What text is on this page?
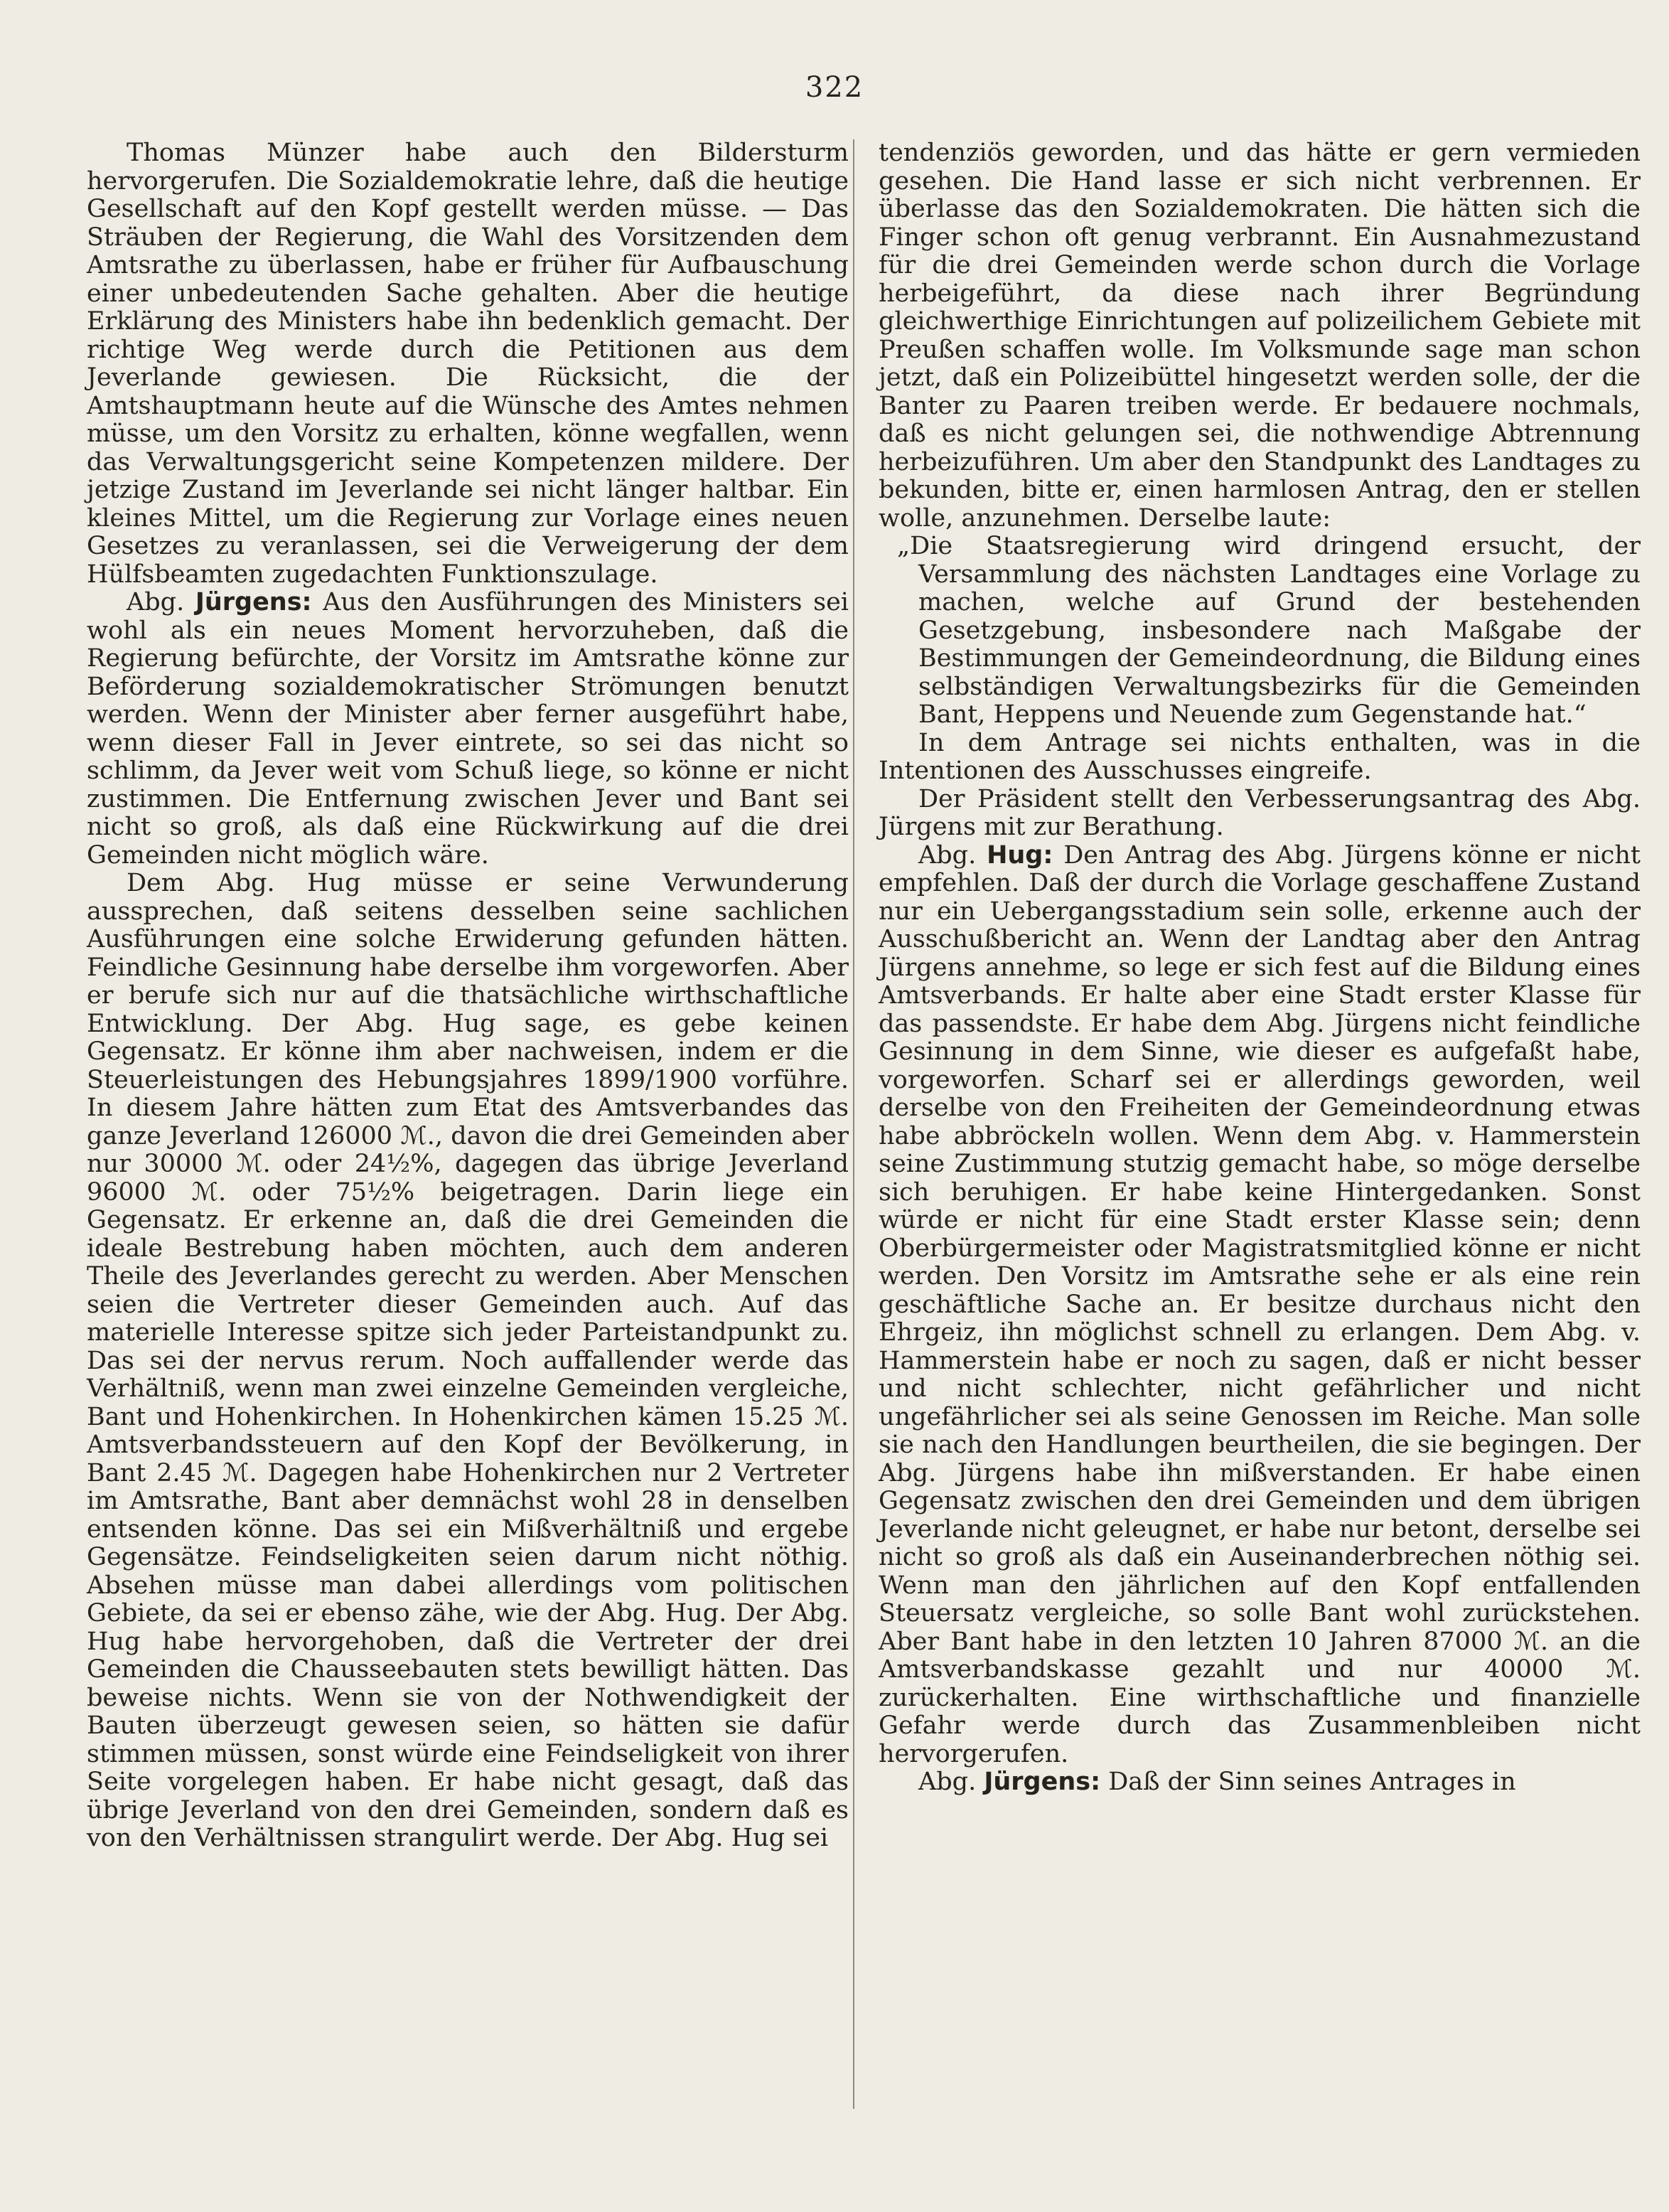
322

Thomas Münzer habe auch den Bildersturm hervorgerufen. Die Sozialdemokratie lehre, daß die heutige Gesellschaft auf den Kopf gestellt werden müsse. — Das Sträuben der Regierung, die Wahl des Vorsitzenden dem Amtsrathe zu überlassen, habe er früher für Aufbauschung einer unbedeutenden Sache gehalten. Aber die heutige Erklärung des Ministers habe ihn bedenklich gemacht. Der richtige Weg werde durch die Petitionen aus dem Jeverlande gewiesen. Die Rücksicht, die der Amtshauptmann heute auf die Wünsche des Amtes nehmen müsse, um den Vorsitz zu erhalten, könne wegfallen, wenn das Verwaltungsgericht seine Kompetenzen mildere. Der jetzige Zustand im Jeverlande sei nicht länger haltbar. Ein kleines Mittel, um die Regierung zur Vorlage eines neuen Gesetzes zu veranlassen, sei die Verweigerung der dem Hülfsbeamten zugedachten Funktionszulage.

Abg. Jürgens: Aus den Ausführungen des Ministers sei wohl als ein neues Moment hervorzuheben, daß die Regierung befürchte, der Vorsitz im Amtsrathe könne zur Beförderung sozialdemokratischer Strömungen benutzt werden. Wenn der Minister aber ferner ausgeführt habe, wenn dieser Fall in Jever eintrete, so sei das nicht so schlimm, da Jever weit vom Schuß liege, so könne er nicht zustimmen. Die Entfernung zwischen Jever und Bant sei nicht so groß, als daß eine Rückwirkung auf die drei Gemeinden nicht möglich wäre.

Dem Abg. Hug müsse er seine Verwunderung aussprechen, daß seitens desselben seine sachlichen Ausführungen eine solche Erwiderung gefunden hätten. Feindliche Gesinnung habe derselbe ihm vorgeworfen. Aber er berufe sich nur auf die thatsächliche wirthschaftliche Entwicklung. Der Abg. Hug sage, es gebe keinen Gegensatz. Er könne ihm aber nachweisen, indem er die Steuerleistungen des Hebungsjahres 1899/1900 vorführe. In diesem Jahre hätten zum Etat des Amtsverbandes das ganze Jeverland 126000 ℳ., davon die drei Gemeinden aber nur 30000 ℳ. oder 24½%, dagegen das übrige Jeverland 96000 ℳ. oder 75½% beigetragen. Darin liege ein Gegensatz. Er erkenne an, daß die drei Gemeinden die ideale Bestrebung haben möchten, auch dem anderen Theile des Jeverlandes gerecht zu werden. Aber Menschen seien die Vertreter dieser Gemeinden auch. Auf das materielle Interesse spitze sich jeder Parteistandpunkt zu. Das sei der nervus rerum. Noch auffallender werde das Verhältniß, wenn man zwei einzelne Gemeinden vergleiche, Bant und Hohenkirchen. In Hohenkirchen kämen 15.25 ℳ. Amtsverbandssteuern auf den Kopf der Bevölkerung, in Bant 2.45 ℳ. Dagegen habe Hohenkirchen nur 2 Vertreter im Amtsrathe, Bant aber demnächst wohl 28 in denselben entsenden könne. Das sei ein Mißverhältniß und ergebe Gegensätze. Feindseligkeiten seien darum nicht nöthig. Absehen müsse man dabei allerdings vom politischen Gebiete, da sei er ebenso zähe, wie der Abg. Hug. Der Abg. Hug habe hervorgehoben, daß die Vertreter der drei Gemeinden die Chausseebauten stets bewilligt hätten. Das beweise nichts. Wenn sie von der Nothwendigkeit der Bauten überzeugt gewesen seien, so hätten sie dafür stimmen müssen, sonst würde eine Feindseligkeit von ihrer Seite vorgelegen haben. Er habe nicht gesagt, daß das übrige Jeverland von den drei Gemeinden, sondern daß es von den Verhältnissen strangulirt werde. Der Abg. Hug sei

tendenziös geworden, und das hätte er gern vermieden gesehen. Die Hand lasse er sich nicht verbrennen. Er überlasse das den Sozialdemokraten. Die hätten sich die Finger schon oft genug verbrannt. Ein Ausnahmezustand für die drei Gemeinden werde schon durch die Vorlage herbeigeführt, da diese nach ihrer Begründung gleichwerthige Einrichtungen auf polizeilichem Gebiete mit Preußen schaffen wolle. Im Volksmunde sage man schon jetzt, daß ein Polizeibüttel hingesetzt werden solle, der die Banter zu Paaren treiben werde. Er bedauere nochmals, daß es nicht gelungen sei, die nothwendige Abtrennung herbeizuführen. Um aber den Standpunkt des Landtages zu bekunden, bitte er, einen harmlosen Antrag, den er stellen wolle, anzunehmen. Derselbe laute:

„Die Staatsregierung wird dringend ersucht, der Versammlung des nächsten Landtages eine Vorlage zu machen, welche auf Grund der bestehenden Gesetzgebung, insbesondere nach Maßgabe der Bestimmungen der Gemeindeordnung, die Bildung eines selbständigen Verwaltungsbezirks für die Gemeinden Bant, Heppens und Neuende zum Gegenstande hat.“

In dem Antrage sei nichts enthalten, was in die Intentionen des Ausschusses eingreife.

Der Präsident stellt den Verbesserungsantrag des Abg. Jürgens mit zur Berathung.

Abg. Hug: Den Antrag des Abg. Jürgens könne er nicht empfehlen. Daß der durch die Vorlage geschaffene Zustand nur ein Uebergangsstadium sein solle, erkenne auch der Ausschußbericht an. Wenn der Landtag aber den Antrag Jürgens annehme, so lege er sich fest auf die Bildung eines Amtsverbands. Er halte aber eine Stadt erster Klasse für das passendste. Er habe dem Abg. Jürgens nicht feindliche Gesinnung in dem Sinne, wie dieser es aufgefaßt habe, vorgeworfen. Scharf sei er allerdings geworden, weil derselbe von den Freiheiten der Gemeindeordnung etwas habe abbröckeln wollen. Wenn dem Abg. v. Hammerstein seine Zustimmung stutzig gemacht habe, so möge derselbe sich beruhigen. Er habe keine Hintergedanken. Sonst würde er nicht für eine Stadt erster Klasse sein; denn Oberbürgermeister oder Magistratsmitglied könne er nicht werden. Den Vorsitz im Amtsrathe sehe er als eine rein geschäftliche Sache an. Er besitze durchaus nicht den Ehrgeiz, ihn möglichst schnell zu erlangen. Dem Abg. v. Hammerstein habe er noch zu sagen, daß er nicht besser und nicht schlechter, nicht gefährlicher und nicht ungefährlicher sei als seine Genossen im Reiche. Man solle sie nach den Handlungen beurtheilen, die sie begingen. Der Abg. Jürgens habe ihn mißverstanden. Er habe einen Gegensatz zwischen den drei Gemeinden und dem übrigen Jeverlande nicht geleugnet, er habe nur betont, derselbe sei nicht so groß als daß ein Auseinanderbrechen nöthig sei. Wenn man den jährlichen auf den Kopf entfallenden Steuersatz vergleiche, so solle Bant wohl zurückstehen. Aber Bant habe in den letzten 10 Jahren 87000 ℳ. an die Amtsverbandskasse gezahlt und nur 40000 ℳ. zurückerhalten. Eine wirthschaftliche und finanzielle Gefahr werde durch das Zusammenbleiben nicht hervorgerufen.

Abg. Jürgens: Daß der Sinn seines Antrages in
